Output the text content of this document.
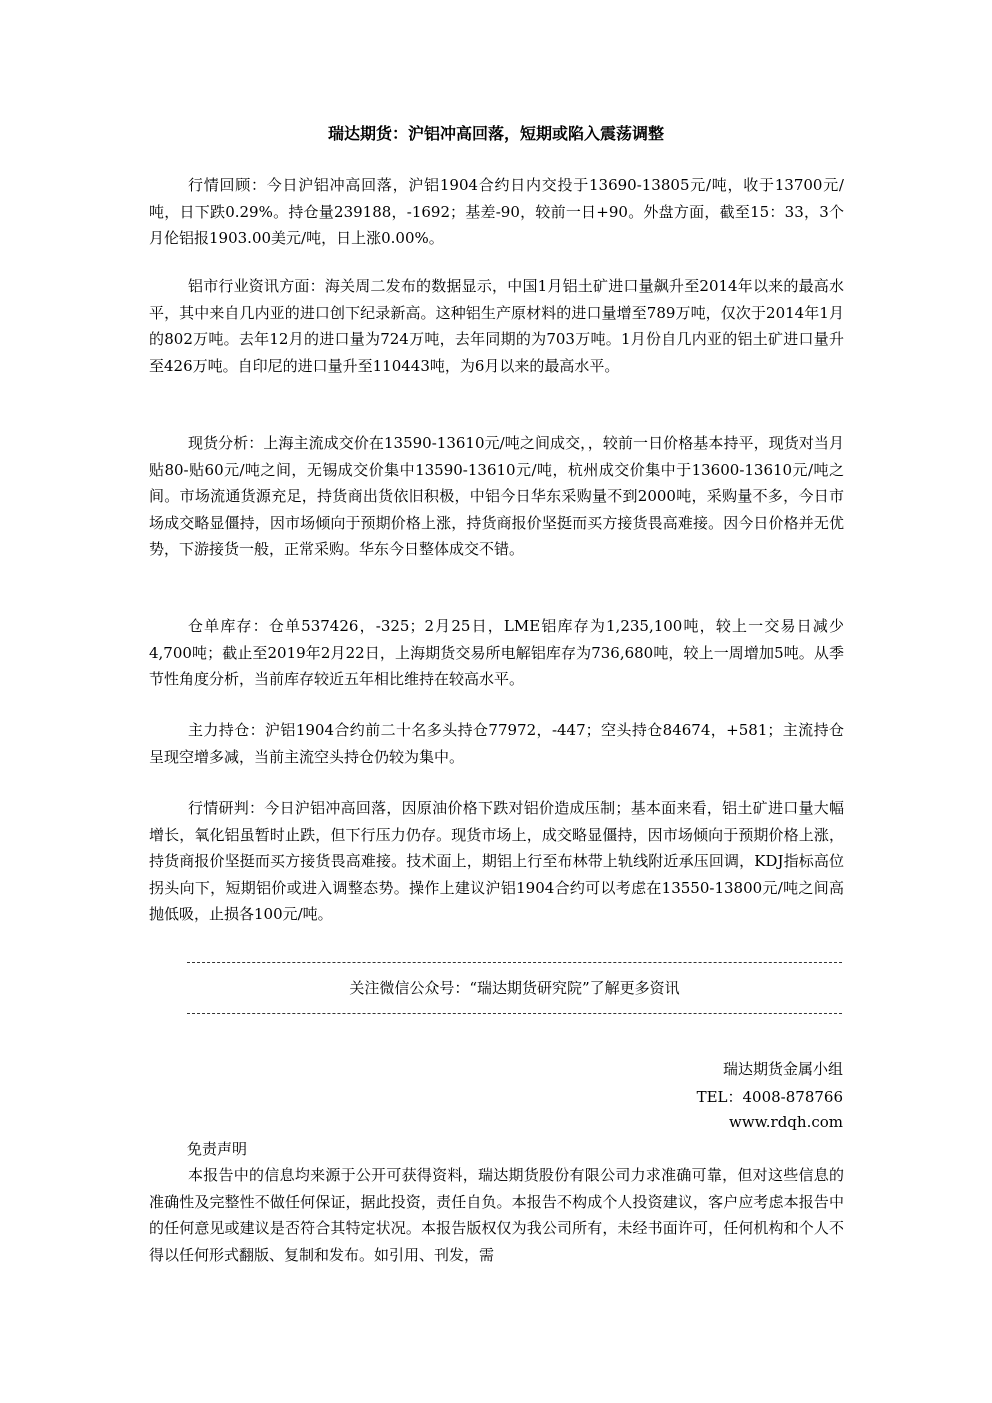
瑞达期货：沪铝冲高回落，短期或陷入震荡调整

行情回顾：今日沪铝冲高回落，沪铝1904合约日内交投于13690-13805元/吨，收于13700元/吨，日下跌0.29%。持仓量239188，-1692；基差-90，较前一日+90。外盘方面，截至15：33，3个月伦铝报1903.00美元/吨，日上涨0.00%。

铝市行业资讯方面：海关周二发布的数据显示，中国1月铝土矿进口量飙升至2014年以来的最高水平，其中来自几内亚的进口创下纪录新高。这种铝生产原材料的进口量增至789万吨，仅次于2014年1月的802万吨。去年12月的进口量为724万吨，去年同期的为703万吨。1月份自几内亚的铝土矿进口量升至426万吨。自印尼的进口量升至110443吨，为6月以来的最高水平。

现货分析：上海主流成交价在13590-13610元/吨之间成交，，较前一日价格基本持平，现货对当月贴80-贴60元/吨之间，无锡成交价集中13590-13610元/吨，杭州成交价集中于13600-13610元/吨之间。市场流通货源充足，持货商出货依旧积极，中铝今日华东采购量不到2000吨，采购量不多，今日市场成交略显僵持，因市场倾向于预期价格上涨，持货商报价坚挺而买方接货畏高难接。因今日价格并无优势，下游接货一般，正常采购。华东今日整体成交不错。

仓单库存：仓单537426，-325；2月25日，LME铝库存为1,235,100吨，较上一交易日减少4,700吨；截止至2019年2月22日，上海期货交易所电解铝库存为736,680吨，较上一周增加5吨。从季节性角度分析，当前库存较近五年相比维持在较高水平。

主力持仓：沪铝1904合约前二十名多头持仓77972，-447；空头持仓84674，+581；主流持仓呈现空增多减，当前主流空头持仓仍较为集中。

行情研判：今日沪铝冲高回落，因原油价格下跌对铝价造成压制；基本面来看，铝土矿进口量大幅增长，氧化铝虽暂时止跌，但下行压力仍存。现货市场上，成交略显僵持，因市场倾向于预期价格上涨，持货商报价坚挺而买方接货畏高难接。技术面上，期铝上行至布林带上轨线附近承压回调，KDJ指标高位拐头向下，短期铝价或进入调整态势。操作上建议沪铝1904合约可以考虑在13550-13800元/吨之间高抛低吸，止损各100元/吨。

关注微信公众号：“瑞达期货研究院”了解更多资讯
瑞达期货金属小组
TEL：4008-878766
www.rdqh.com
免责声明

本报告中的信息均来源于公开可获得资料，瑞达期货股份有限公司力求准确可靠，但对这些信息的准确性及完整性不做任何保证，据此投资，责任自负。本报告不构成个人投资建议，客户应考虑本报告中的任何意见或建议是否符合其特定状况。本报告版权仅为我公司所有，未经书面许可，任何机构和个人不得以任何形式翻版、复制和发布。如引用、刊发，需
